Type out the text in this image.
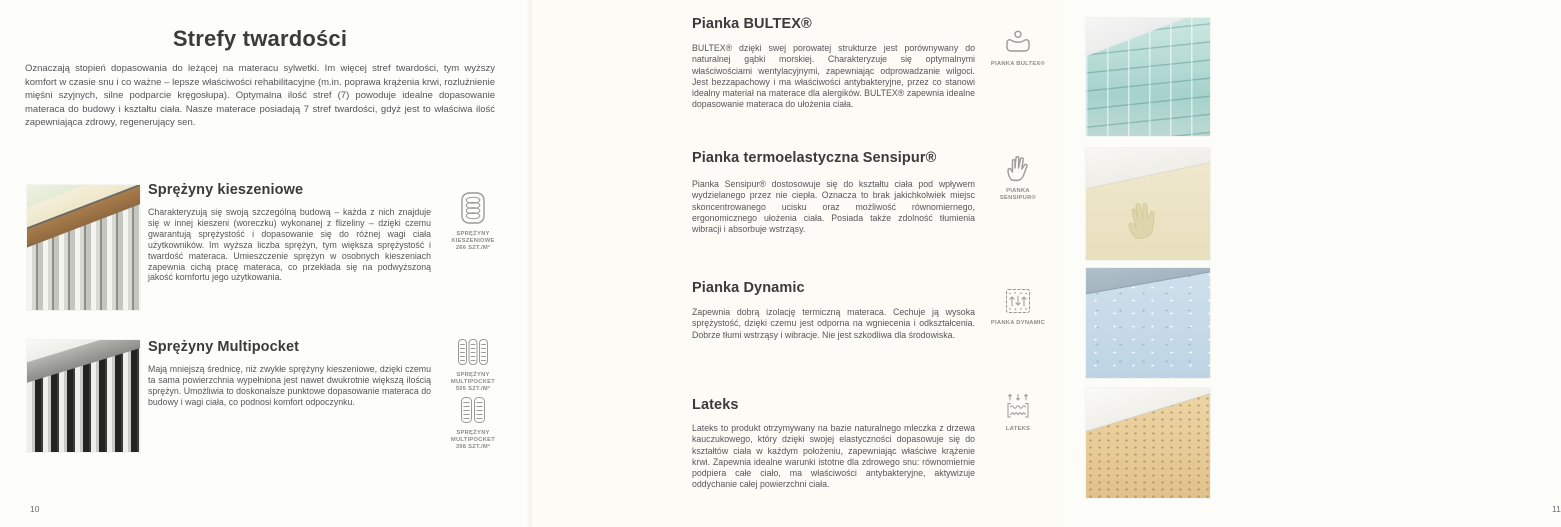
Strefy twardości

Oznaczają stopień dopasowania do leżącej na materacu sylwetki. Im więcej stref twardości, tym wyższy komfort w czasie snu i co ważne – lepsze właściwości rehabilitacyjne (m.in. poprawa krążenia krwi, rozluźnienie mięśni szyjnych, silne podparcie kręgosłupa). Optymalna ilość stref (7) powoduje idealne dopasowanie materaca do budowy i kształtu ciała. Nasze materace posiadają 7 stref twardości, gdyż jest to właściwa ilość zapewniająca zdrowy, regenerujący sen.

Sprężyny kieszeniowe

Charakteryzują się swoją szczególną budową – każda z nich znajduje się w innej kieszeni (woreczku) wykonanej z flizeliny – dzięki czemu gwarantują sprężystość i dopasowanie się do różnej wagi ciała użytkowników. Im wyższa liczba sprężyn, tym większa sprężystość i twardość materaca. Umieszczenie sprężyn w osobnych kieszeniach zapewnia cichą pracę materaca, co przekłada się na podwyższoną jakość komfortu jego użytkowania.

SPRĘŻYNY KIESZENIOWE
266 SZT./M²
Sprężyny Multipocket

Mają mniejszą średnicę, niż zwykłe sprężyny kieszeniowe, dzięki czemu ta sama powierzchnia wypełniona jest nawet dwukrotnie większą ilością sprężyn. Umożliwia to doskonalsze punktowe dopasowanie materaca do budowy i wagi ciała, co podnosi komfort odpoczynku.

SPRĘŻYNY MULTIPOCKET
505 SZT./M²
SPRĘŻYNY MULTIPOCKET
398 SZT./M²
10
Pianka BULTEX®

BULTEX® dzięki swej porowatej strukturze jest porównywany do naturalnej gąbki morskiej. Charakteryzuje się optymalnymi właściwościami wentylacyjnymi, zapewniając odprowadzanie wilgoci. Jest bezzapachowy i ma właściwości antybakteryjne, przez co stanowi idealny materiał na materace dla alergików. BULTEX® zapewnia idealne dopasowanie materaca do ułożenia ciała.

PIANKA BULTEX®
Pianka termoelastyczna Sensipur®

Pianka Sensipur® dostosowuje się do kształtu ciała pod wpływem wydzielanego przez nie ciepła. Oznacza to brak jakichkolwiek miejsc skoncentrowanego ucisku oraz możliwość równomiernego, ergonomicznego ułożenia ciała. Posiada także zdolność tłumienia wibracji i absorbuje wstrząsy.

PIANKA SENSIPUR®
Pianka Dynamic

Zapewnia dobrą izolację termiczną materaca. Cechuje ją wysoka sprężystość, dzięki czemu jest odporna na wgniecenia i odkształcenia. Dobrze tłumi wstrząsy i wibracje. Nie jest szkodliwa dla środowiska.

PIANKA DYNAMIC
Lateks

Lateks to produkt otrzymywany na bazie naturalnego mleczka z drzewa kauczukowego, który dzięki swojej elastyczności dopasowuje się do kształtów ciała w każdym położeniu, zapewniając właściwe krążenie krwi. Zapewnia idealne warunki istotne dla zdrowego snu: równomiernie podpiera całe ciało, ma właściwości antybakteryjne, aktywizuje oddychanie całej powierzchni ciała.

LATEKS
11
